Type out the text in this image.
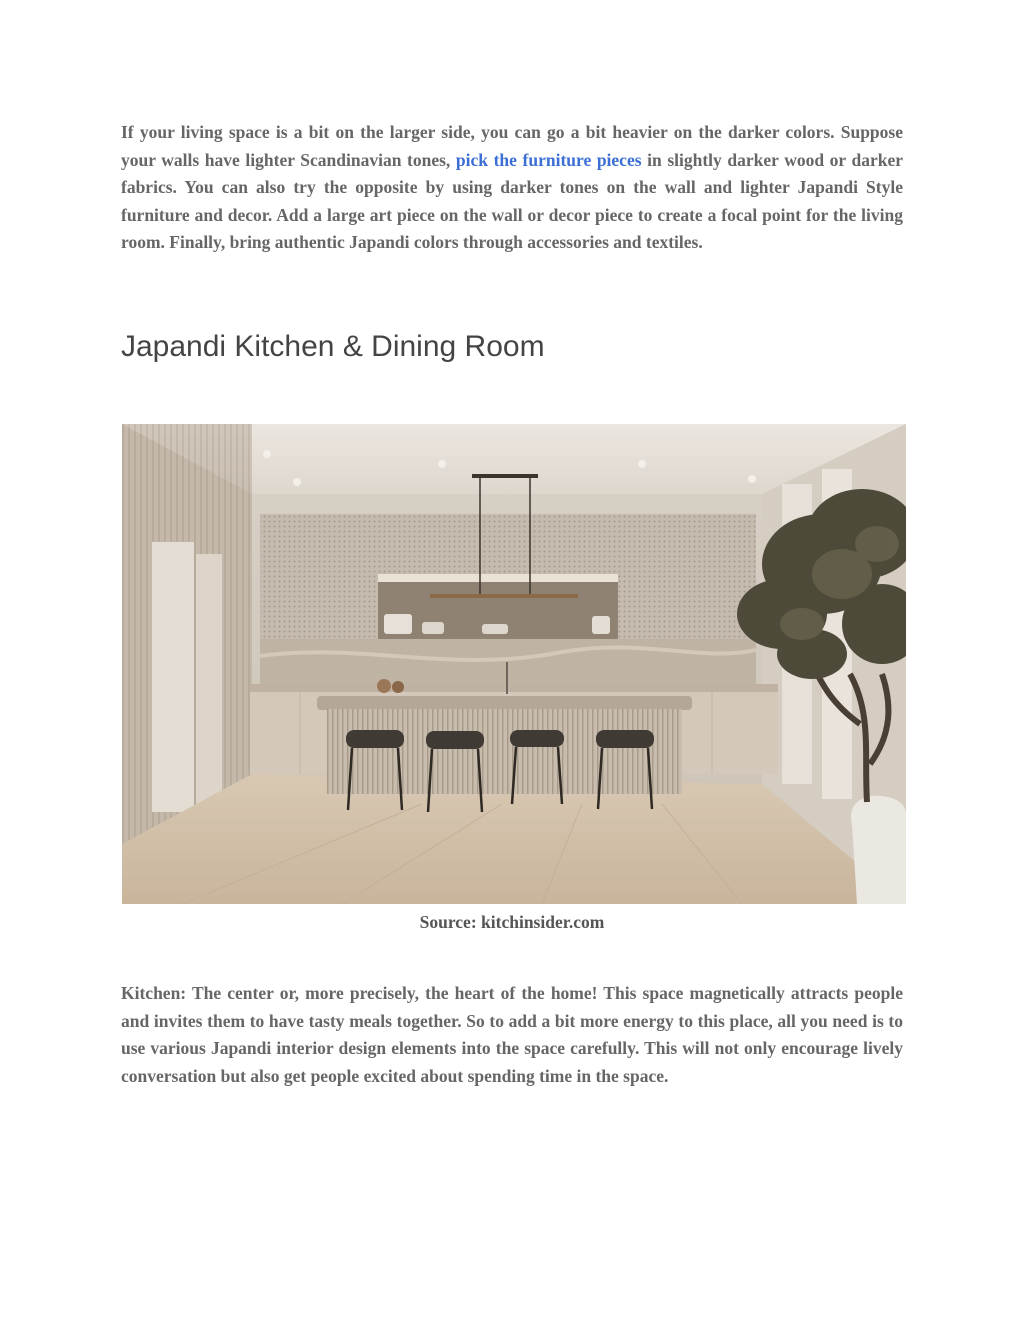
If your living space is a bit on the larger side, you can go a bit heavier on the darker colors. Suppose your walls have lighter Scandinavian tones, pick the furniture pieces in slightly darker wood or darker fabrics. You can also try the opposite by using darker tones on the wall and lighter Japandi Style furniture and decor. Add a large art piece on the wall or decor piece to create a focal point for the living room. Finally, bring authentic Japandi colors through accessories and textiles.

Japandi Kitchen & Dining Room

Source: kitchinsider.com

Kitchen: The center or, more precisely, the heart of the home! This space magnetically attracts people and invites them to have tasty meals together. So to add a bit more energy to this place, all you need is to use various Japandi interior design elements into the space carefully. This will not only encourage lively conversation but also get people excited about spending time in the space.
